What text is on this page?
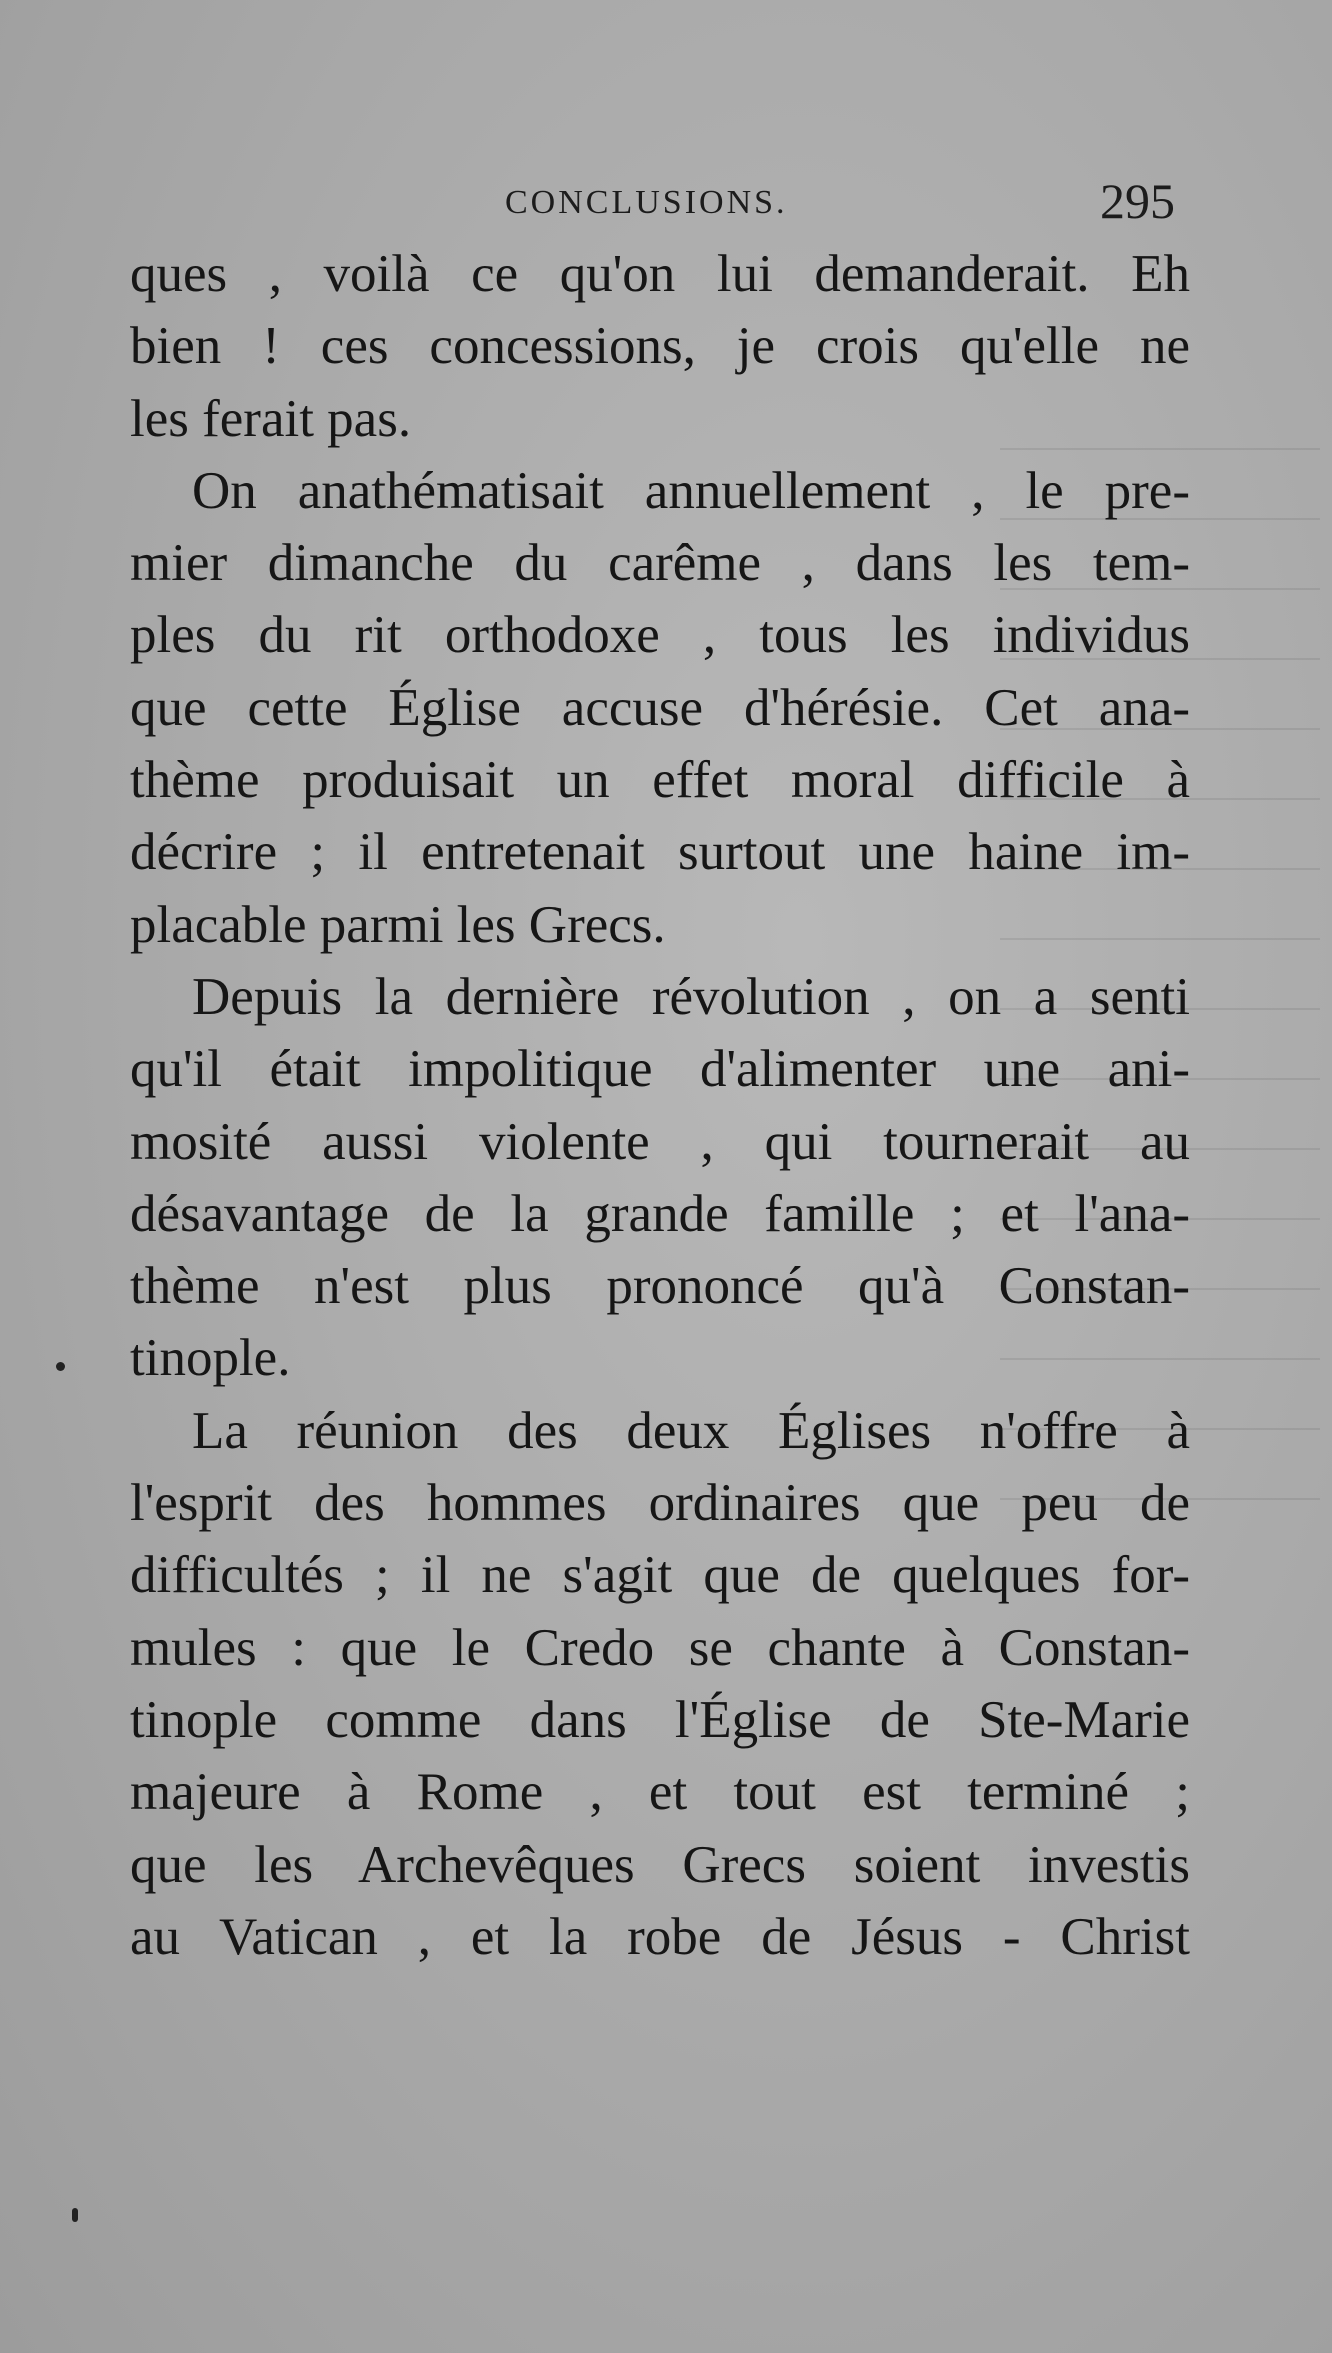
CONCLUSIONS.	295

ques , voilà ce qu'on lui demanderait. Eh
bien ! ces concessions, je crois qu'elle ne
les ferait pas.

On anathématisait annuellement , le pre-
mier dimanche du carême , dans les tem-
ples du rit orthodoxe , tous les individus
que cette Église accuse d'hérésie. Cet ana-
thème produisait un effet moral difficile à
décrire ; il entretenait surtout une haine im-
placable parmi les Grecs.

Depuis la dernière révolution , on a senti
qu'il était impolitique d'alimenter une ani-
mosité aussi violente , qui tournerait au
désavantage de la grande famille ; et l'ana-
thème n'est plus prononcé qu'à Constan-
tinople.

La réunion des deux Églises n'offre à
l'esprit des hommes ordinaires que peu de
difficultés ; il ne s'agit que de quelques for-
mules : que le Credo se chante à Constan-
tinople comme dans l'Église de Ste-Marie
majeure à Rome , et tout est terminé ;
que les Archevêques Grecs soient investis
au Vatican , et la robe de Jésus - Christ
